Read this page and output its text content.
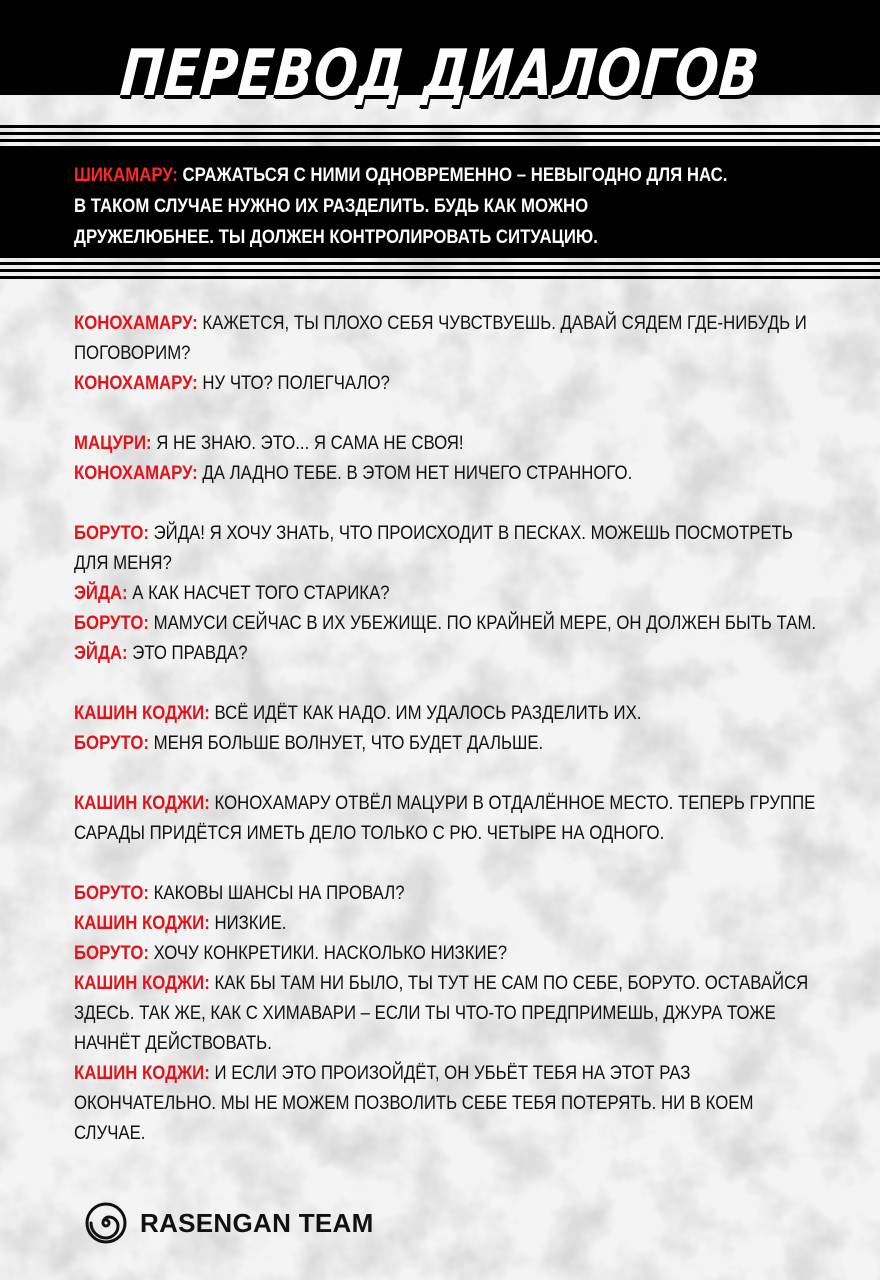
ПЕРЕВОД ДИАЛОГОВ

ШИКАМАРУ: СРАЖАТЬСЯ С НИМИ ОДНОВРЕМЕННО – НЕВЫГОДНО ДЛЯ НАС. В ТАКОМ СЛУЧАЕ НУЖНО ИХ РАЗДЕЛИТЬ. БУДЬ КАК МОЖНО ДРУЖЕЛЮБНЕЕ. ТЫ ДОЛЖЕН КОНТРОЛИРОВАТЬ СИТУАЦИЮ.

КОНОХАМАРУ: КАЖЕТСЯ, ТЫ ПЛОХО СЕБЯ ЧУВСТВУЕШЬ. ДАВАЙ СЯДЕМ ГДЕ-НИБУДЬ И ПОГОВОРИМ?
КОНОХАМАРУ: НУ ЧТО? ПОЛЕГЧАЛО?
МАЦУРИ: Я НЕ ЗНАЮ. ЭТО... Я САМА НЕ СВОЯ!
КОНОХАМАРУ: ДА ЛАДНО ТЕБЕ. В ЭТОМ НЕТ НИЧЕГО СТРАННОГО.
БОРУТО: ЭЙДА! Я ХОЧУ ЗНАТЬ, ЧТО ПРОИСХОДИТ В ПЕСКАХ. МОЖЕШЬ ПОСМОТРЕТЬ ДЛЯ МЕНЯ?
ЭЙДА: А КАК НАСЧЕТ ТОГО СТАРИКА?
БОРУТО: МАМУСИ СЕЙЧАС В ИХ УБЕЖИЩЕ. ПО КРАЙНЕЙ МЕРЕ, ОН ДОЛЖЕН БЫТЬ ТАМ.
ЭЙДА: ЭТО ПРАВДА?
КАШИН КОДЖИ: ВСЁ ИДЁТ КАК НАДО. ИМ УДАЛОСЬ РАЗДЕЛИТЬ ИХ.
БОРУТО: МЕНЯ БОЛЬШЕ ВОЛНУЕТ, ЧТО БУДЕТ ДАЛЬШЕ.
КАШИН КОДЖИ: КОНОХАМАРУ ОТВЁЛ МАЦУРИ В ОТДАЛЁННОЕ МЕСТО. ТЕПЕРЬ ГРУППЕ САРАДЫ ПРИДЁТСЯ ИМЕТЬ ДЕЛО ТОЛЬКО С РЮ. ЧЕТЫРЕ НА ОДНОГО.
БОРУТО: КАКОВЫ ШАНСЫ НА ПРОВАЛ?
КАШИН КОДЖИ: НИЗКИЕ.
БОРУТО: ХОЧУ КОНКРЕТИКИ. НАСКОЛЬКО НИЗКИЕ?
КАШИН КОДЖИ: КАК БЫ ТАМ НИ БЫЛО, ТЫ ТУТ НЕ САМ ПО СЕБЕ, БОРУТО. ОСТАВАЙСЯ ЗДЕСЬ. ТАК ЖЕ, КАК С ХИМАВАРИ – ЕСЛИ ТЫ ЧТО-ТО ПРЕДПРИМЕШЬ, ДЖУРА ТОЖЕ НАЧНЁТ ДЕЙСТВОВАТЬ.
КАШИН КОДЖИ: И ЕСЛИ ЭТО ПРОИЗОЙДЁТ, ОН УБЬЁТ ТЕБЯ НА ЭТОТ РАЗ ОКОНЧАТЕЛЬНО. МЫ НЕ МОЖЕМ ПОЗВОЛИТЬ СЕБЕ ТЕБЯ ПОТЕРЯТЬ. НИ В КОЕМ СЛУЧАЕ.
RASENGAN TEAM
